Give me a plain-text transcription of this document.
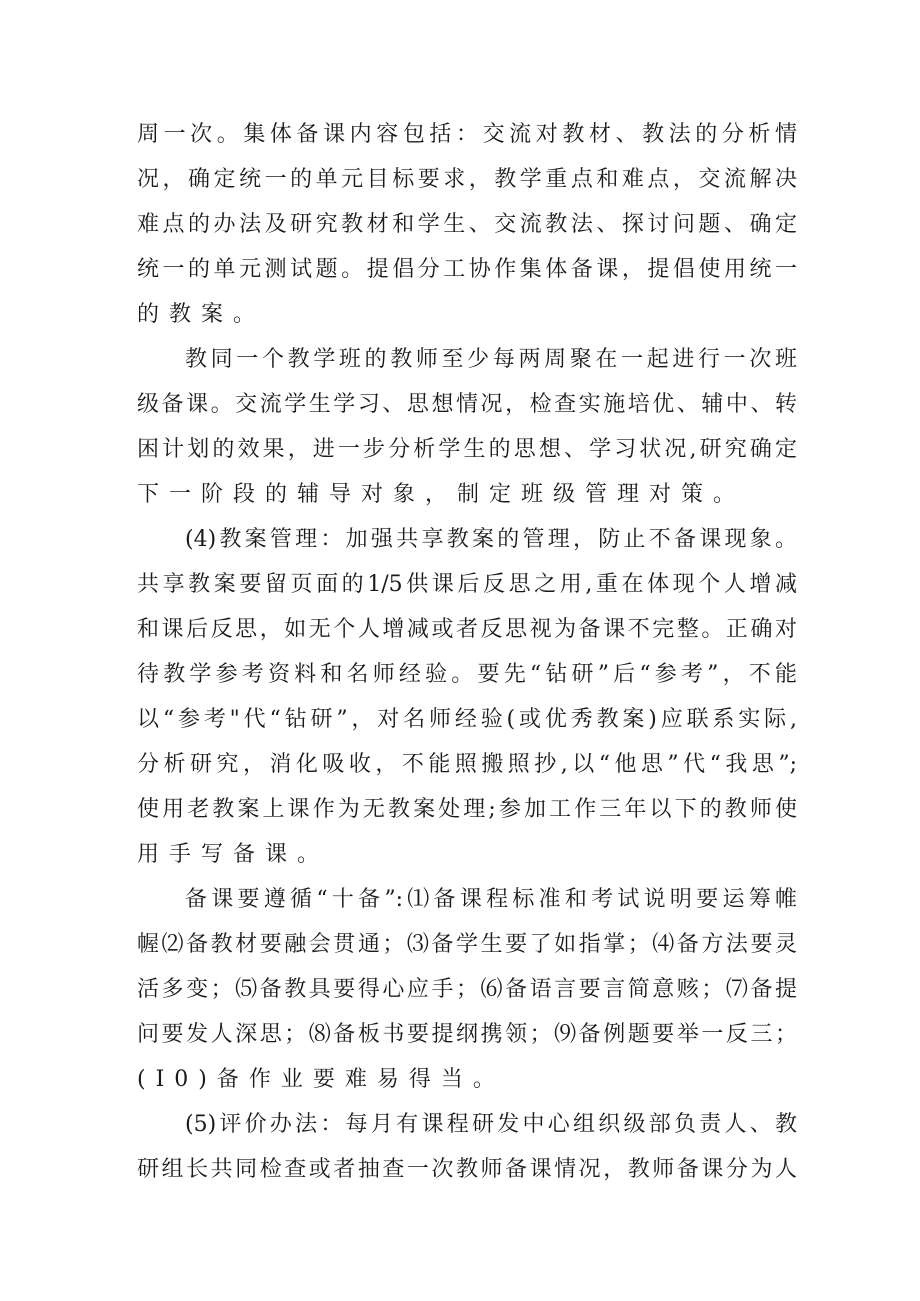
周一次。集体备课内容包括：交流对教材、教法的分析情
况，确定统一的单元目标要求，教学重点和难点，交流解决
难点的办法及研究教材和学生、交流教法、探讨问题、确定
统一的单元测试题。提倡分工协作集体备课，提倡使用统一
的教案。
教同一个教学班的教师至少每两周聚在一起进行一次班
级备课。交流学生学习、思想情况，检查实施培优、辅中、转
困计划的效果，进一步分析学生的思想、学习状况,研究确定
下一阶段的辅导对象，制定班级管理对策。
(4)教案管理：加强共享教案的管理，防止不备课现象。
共享教案要留页面的1/5供课后反思之用,重在体现个人增减
和课后反思，如无个人增减或者反思视为备课不完整。正确对
待教学参考资料和名师经验。要先“钻研”后“参考”，不能
以“参考"代“钻研”，对名师经验(或优秀教案)应联系实际,
分析研究，消化吸收，不能照搬照抄,以“他思”代“我思”;
使用老教案上课作为无教案处理;参加工作三年以下的教师使
用手写备课。
备课要遵循“十备”:⑴备课程标准和考试说明要运筹帷
幄⑵备教材要融会贯通；⑶备学生要了如指掌；⑷备方法要灵
活多变；⑸备教具要得心应手；⑹备语言要言简意赅；⑺备提
问要发人深思；⑻备板书要提纲携领；⑼备例题要举一反三；
(I0)备作业要难易得当。
(5)评价办法：每月有课程研发中心组织级部负责人、教
研组长共同检查或者抽查一次教师备课情况，教师备课分为人
